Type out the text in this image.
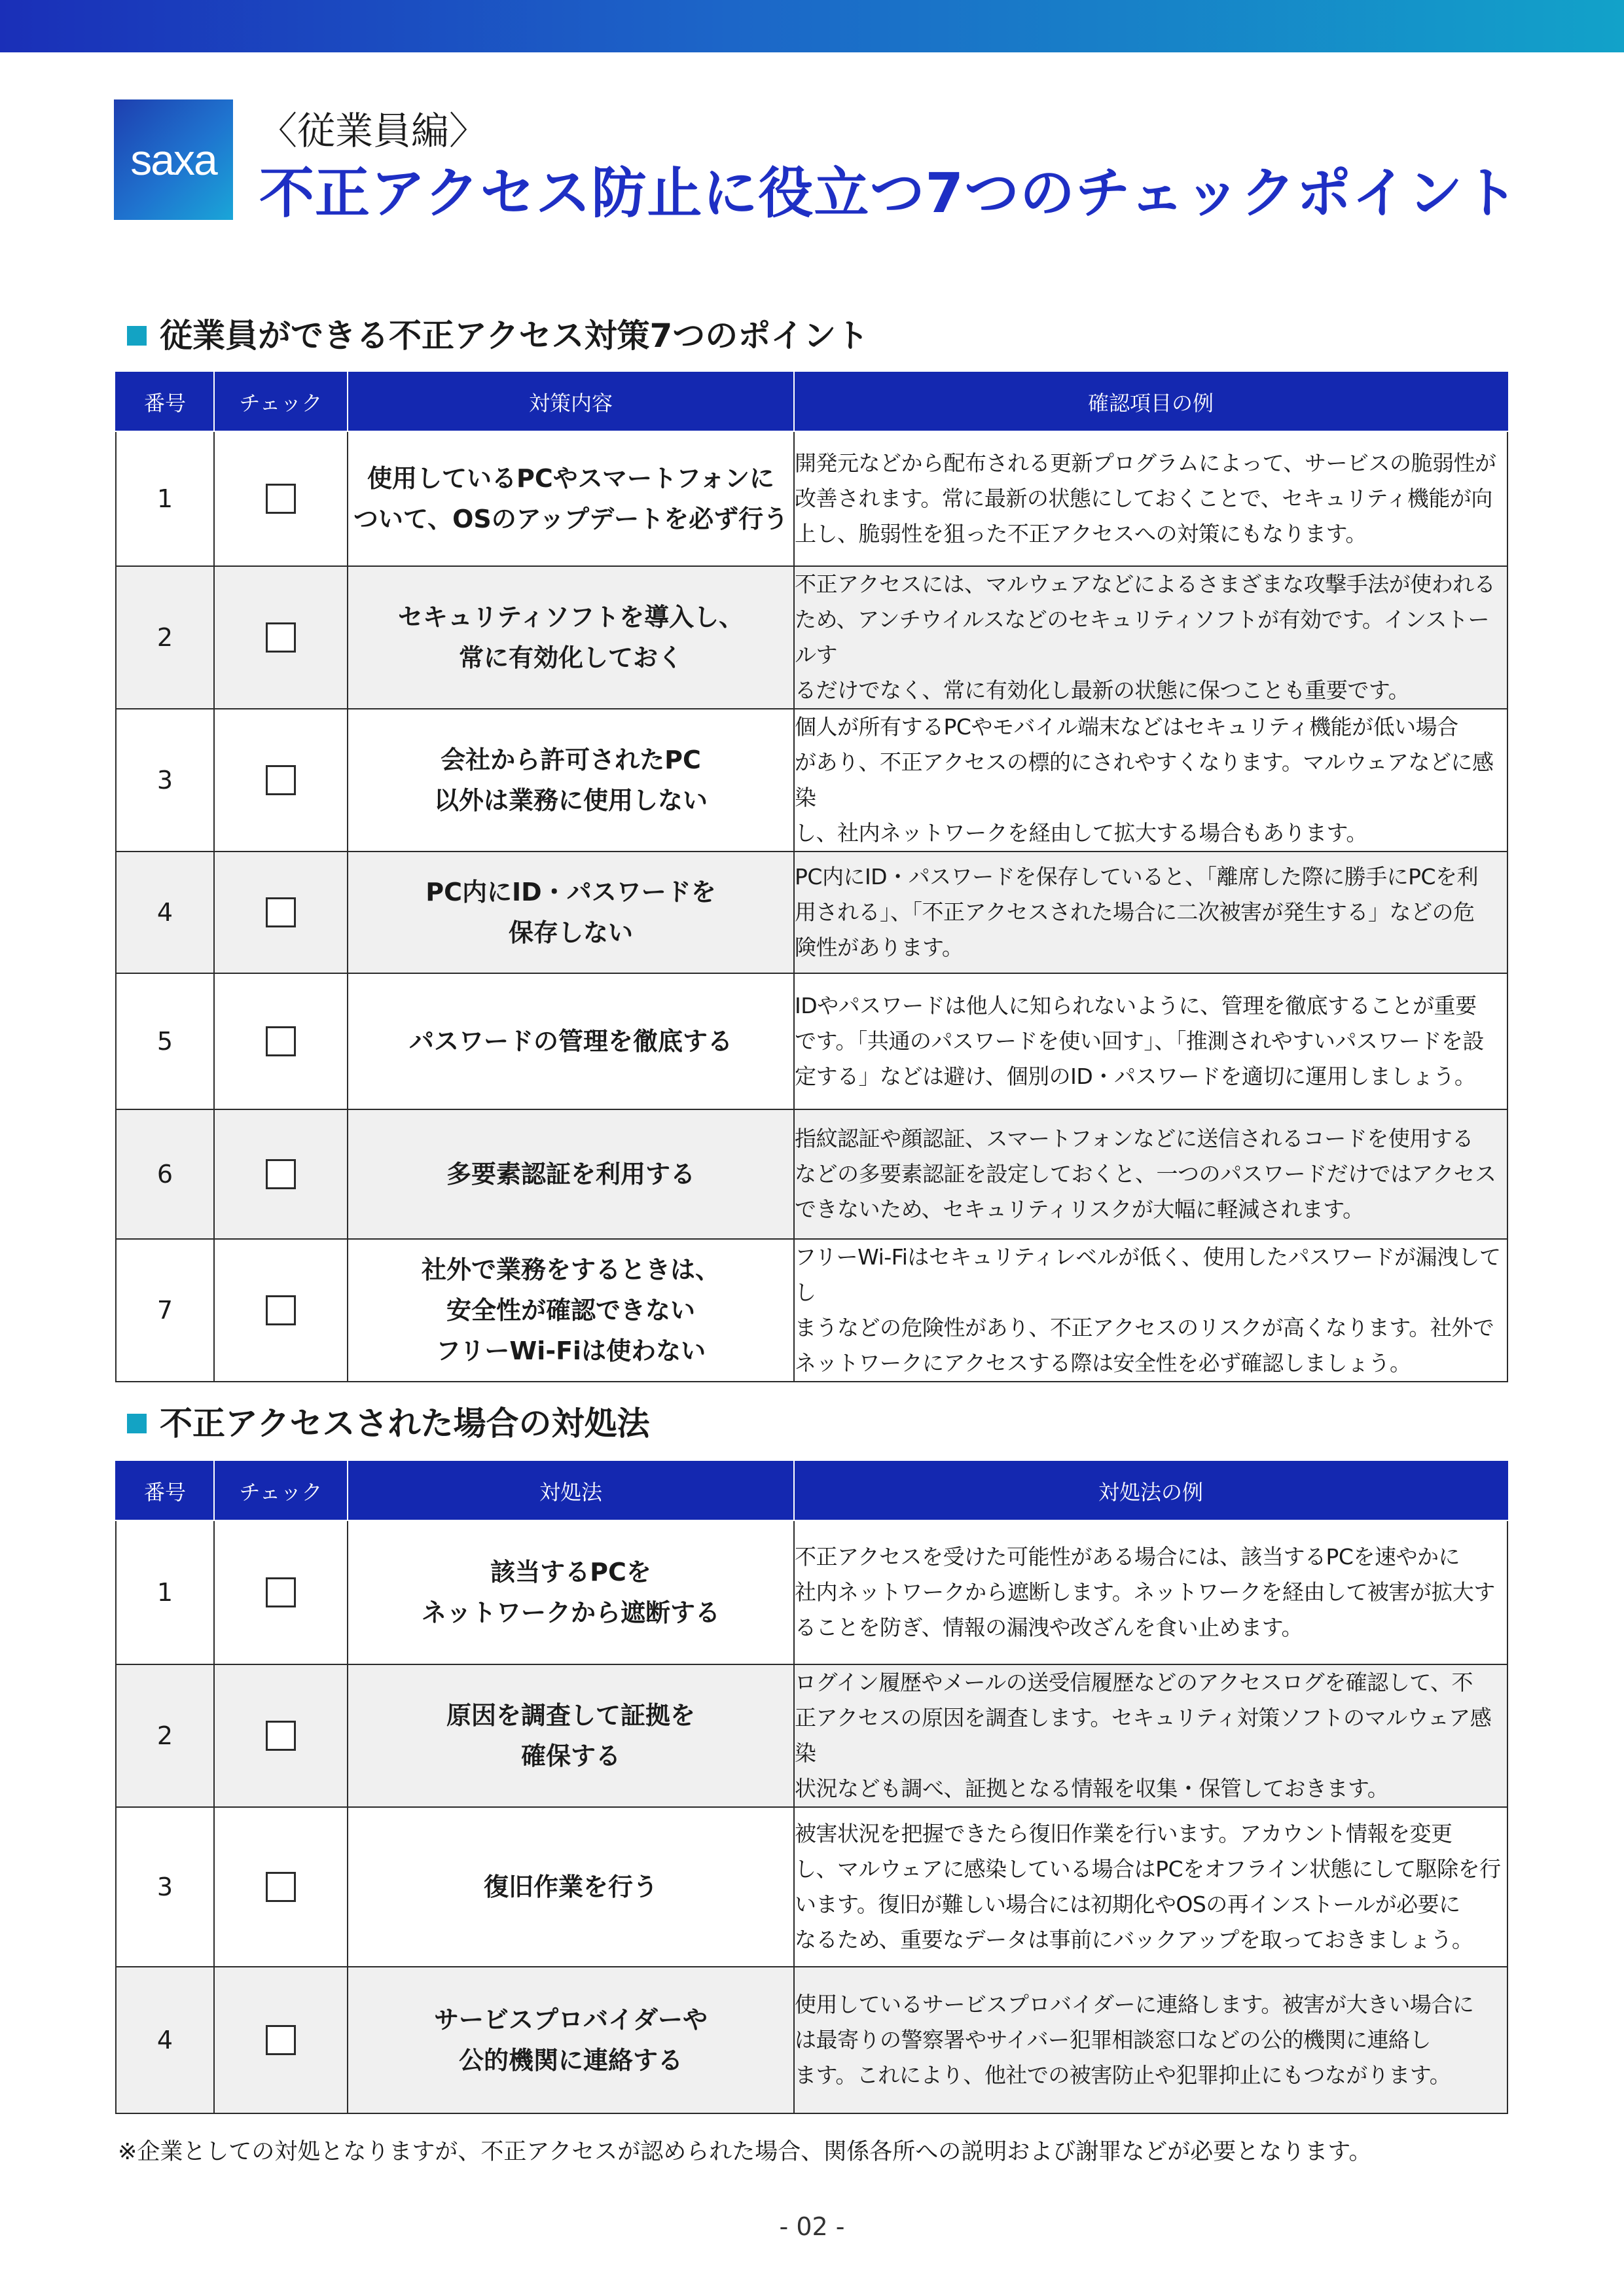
saxa
〈従業員編〉
不正アクセス防止に役立つ7つのチェックポイント
従業員ができる不正アクセス対策7つのポイント
番号	チェック	対策内容	確認項目の例
1		使用しているPCやスマートフォンに
ついて、OSのアップデートを必ず行う	開発元などから配布される更新プログラムによって、サービスの脆弱性が
改善されます。常に最新の状態にしておくことで、セキュリティ機能が向
上し、脆弱性を狙った不正アクセスへの対策にもなります。
2		セキュリティソフトを導入し、
常に有効化しておく	不正アクセスには、マルウェアなどによるさまざまな攻撃手法が使われる
ため、アンチウイルスなどのセキュリティソフトが有効です。インストールす
るだけでなく、常に有効化し最新の状態に保つことも重要です。
3		会社から許可されたPC
以外は業務に使用しない	個人が所有するPCやモバイル端末などはセキュリティ機能が低い場合
があり、不正アクセスの標的にされやすくなります。マルウェアなどに感染
し、社内ネットワークを経由して拡大する場合もあります。
4		PC内にID・パスワードを
保存しない	PC内にID・パスワードを保存していると、「離席した際に勝手にPCを利
用される」、「不正アクセスされた場合に二次被害が発生する」などの危
険性があります。
5		パスワードの管理を徹底する	IDやパスワードは他人に知られないように、管理を徹底することが重要
です。「共通のパスワードを使い回す」、「推測されやすいパスワードを設
定する」などは避け、個別のID・パスワードを適切に運用しましょう。
6		多要素認証を利用する	指紋認証や顔認証、スマートフォンなどに送信されるコードを使用する
などの多要素認証を設定しておくと、一つのパスワードだけではアクセス
できないため、セキュリティリスクが大幅に軽減されます。
7		社外で業務をするときは、
安全性が確認できない
フリーWi-Fiは使わない	フリーWi-Fiはセキュリティレベルが低く、使用したパスワードが漏洩してし
まうなどの危険性があり、不正アクセスのリスクが高くなります。社外で
ネットワークにアクセスする際は安全性を必ず確認しましょう。
不正アクセスされた場合の対処法
番号	チェック	対処法	対処法の例
1		該当するPCを
ネットワークから遮断する	不正アクセスを受けた可能性がある場合には、該当するPCを速やかに
社内ネットワークから遮断します。ネットワークを経由して被害が拡大す
ることを防ぎ、情報の漏洩や改ざんを食い止めます。
2		原因を調査して証拠を
確保する	ログイン履歴やメールの送受信履歴などのアクセスログを確認して、不
正アクセスの原因を調査します。セキュリティ対策ソフトのマルウェア感染
状況なども調べ、証拠となる情報を収集・保管しておきます。
3		復旧作業を行う	被害状況を把握できたら復旧作業を行います。アカウント情報を変更
し、マルウェアに感染している場合はPCをオフライン状態にして駆除を行
います。復旧が難しい場合には初期化やOSの再インストールが必要に
なるため、重要なデータは事前にバックアップを取っておきましょう。
4		サービスプロバイダーや
公的機関に連絡する	使用しているサービスプロバイダーに連絡します。被害が大きい場合に
は最寄りの警察署やサイバー犯罪相談窓口などの公的機関に連絡し
ます。これにより、他社での被害防止や犯罪抑止にもつながります。
※企業としての対処となりますが、不正アクセスが認められた場合、関係各所への説明および謝罪などが必要となります。
- 02 -
